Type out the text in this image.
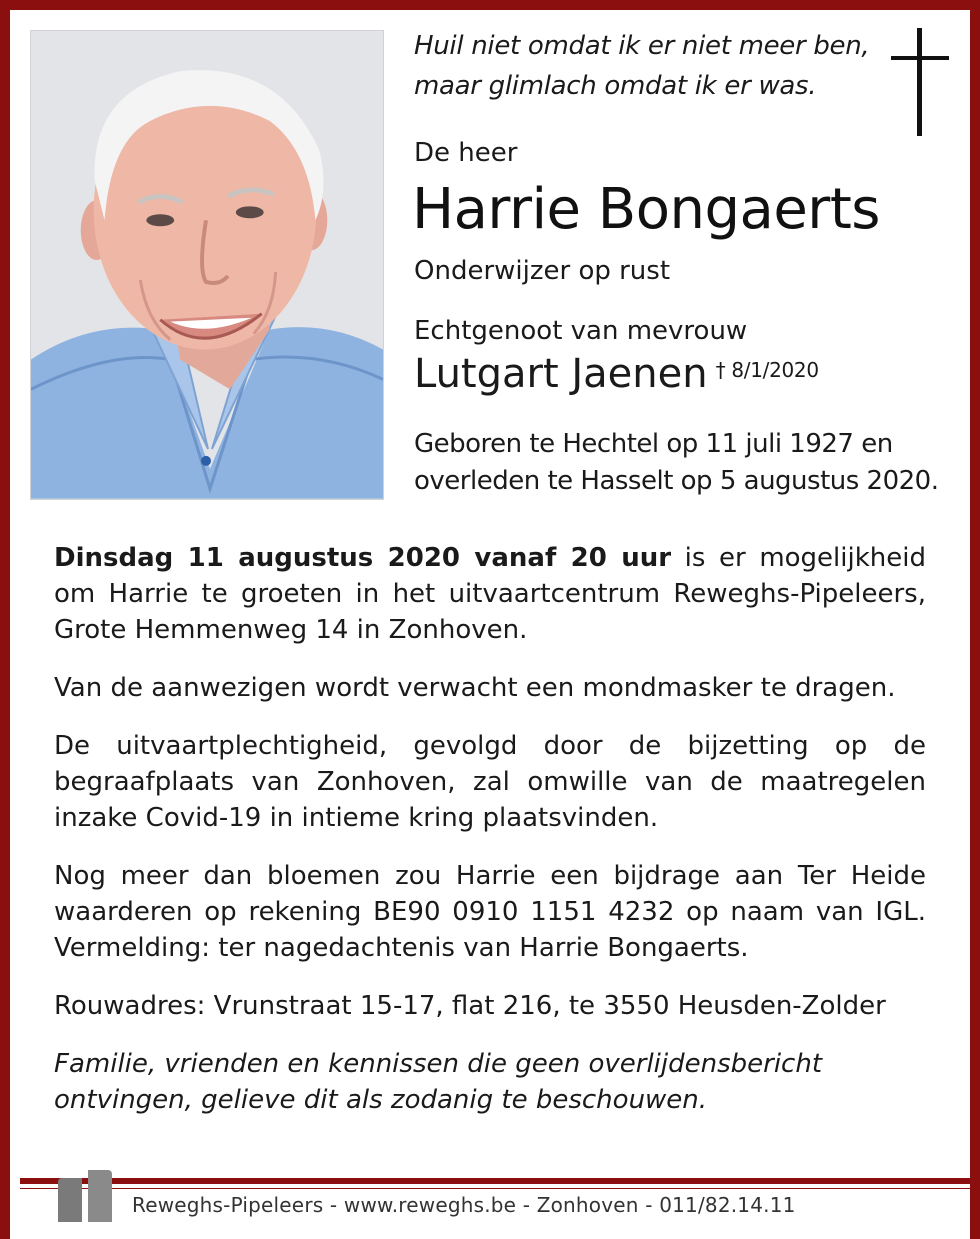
Huil niet omdat ik er niet meer ben,
maar glimlach omdat ik er was.
De heer
Harrie Bongaerts
Onderwijzer op rust
Echtgenoot van mevrouw
Lutgart Jaenen $^{\dagger 8/1/2020}$
Geboren te Hechtel op 11 juli 1927 en
overleden te Hasselt op 5 augustus 2020.

Dinsdag 11 augustus 2020 vanaf 20 uur is er mogelijkheid om Harrie te groeten in het uitvaartcentrum Reweghs-Pipeleers, Grote Hemmenweg 14 in Zonhoven.

Van de aanwezigen wordt verwacht een mondmasker te dragen.

De uitvaartplechtigheid, gevolgd door de bijzetting op de begraafplaats van Zonhoven, zal omwille van de maatregelen inzake Covid-19 in intieme kring plaatsvinden.

Nog meer dan bloemen zou Harrie een bijdrage aan Ter Heide waarderen op rekening BE90 0910 1151 4232 op naam van IGL. Vermelding: ter nagedachtenis van Harrie Bongaerts.

Rouwadres: Vrunstraat 15-17, flat 216, te 3550 Heusden-Zolder

Familie, vrienden en kennissen die geen overlijdensbericht ontvingen, gelieve dit als zodanig te beschouwen.

Reweghs-Pipeleers - www.reweghs.be - Zonhoven - 011/82.14.11
